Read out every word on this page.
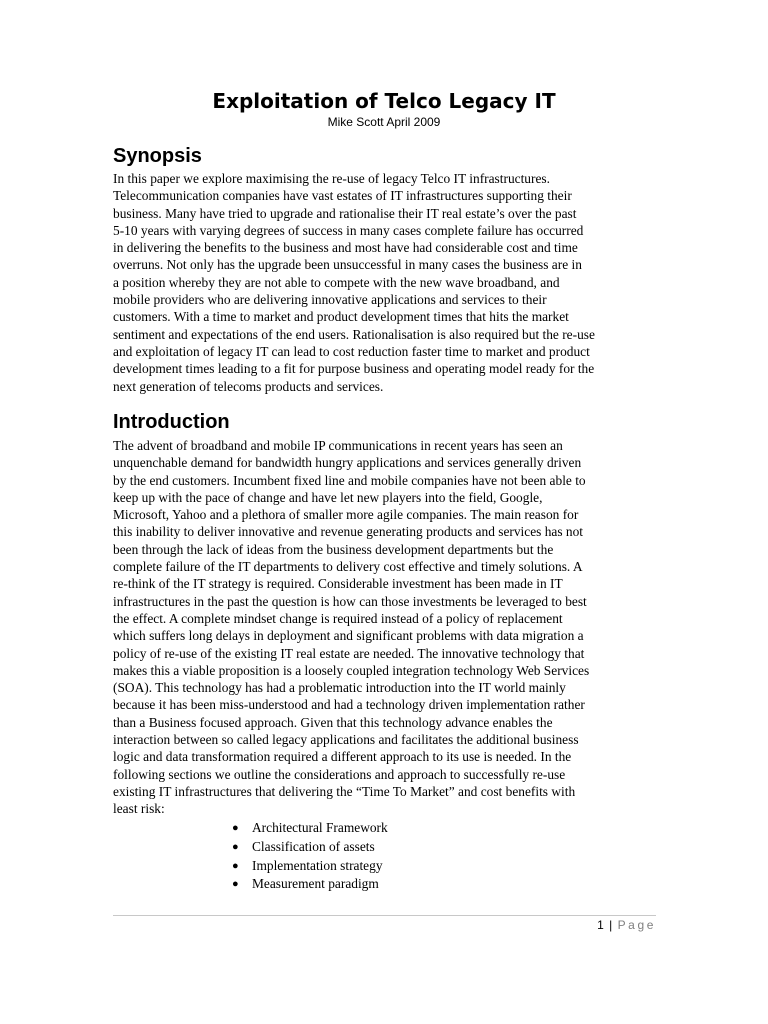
Exploitation of Telco Legacy IT
Mike Scott April 2009
Synopsis
In this paper we explore maximising the re-use of legacy Telco IT infrastructures.
Telecommunication companies have vast estates of IT infrastructures supporting their
business. Many have tried to upgrade and rationalise their IT real estate’s over the past
5-10 years with varying degrees of success in many cases complete failure has occurred
in delivering the benefits to the business and most have had considerable cost and time
overruns. Not only has the upgrade been unsuccessful in many cases the business are in
a position whereby they are not able to compete with the new wave broadband, and
mobile providers who are delivering innovative applications and services to their
customers. With a time to market and product development times that hits the market
sentiment and expectations of the end users. Rationalisation is also required but the re-use
and exploitation of legacy IT can lead to cost reduction faster time to market and product
development times leading to a fit for purpose business and operating model ready for the
next generation of telecoms products and services.
Introduction
The advent of broadband and mobile IP communications in recent years has seen an
unquenchable demand for bandwidth hungry applications and services generally driven
by the end customers. Incumbent fixed line and mobile companies have not been able to
keep up with the pace of change and have let new players into the field, Google,
Microsoft, Yahoo and a plethora of smaller more agile companies. The main reason for
this inability to deliver innovative and revenue generating products and services has not
been through the lack of ideas from the business development departments but the
complete failure of the IT departments to delivery cost effective and timely solutions. A
re-think of the IT strategy is required. Considerable investment has been made in IT
infrastructures in the past the question is how can those investments be leveraged to best
the effect. A complete mindset change is required instead of a policy of replacement
which suffers long delays in deployment and significant problems with data migration a
policy of re-use of the existing IT real estate are needed. The innovative technology that
makes this a viable proposition is a loosely coupled integration technology Web Services
(SOA). This technology has had a problematic introduction into the IT world mainly
because it has been miss-understood and had a technology driven implementation rather
than a Business focused approach. Given that this technology advance enables the
interaction between so called legacy applications and facilitates the additional business
logic and data transformation required a different approach to its use is needed. In the
following sections we outline the considerations and approach to successfully re-use
existing IT infrastructures that delivering the “Time To Market” and cost benefits with
least risk:
● Architectural Framework
● Classification of assets
● Implementation strategy
● Measurement paradigm
1 | Page
